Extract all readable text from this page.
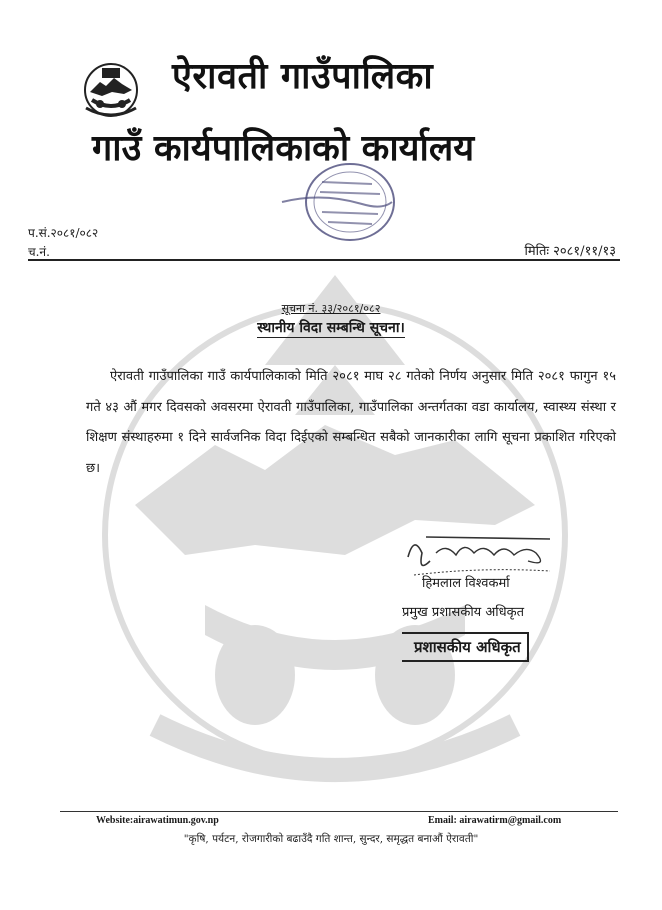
ऐरावती गाउँपालिका
गाउँ कार्यपालिकाको कार्यालय
प.सं.२०८१/०८२
च.नं.	मितिः २०८१/११/१३
सूचना नं. ३३/२०८१/०८२
स्थानीय विदा सम्बन्धि सूचना।
ऐरावती गाउँपालिका गाउँ कार्यपालिकाको मिति २०८१ माघ २८ गतेको निर्णय अनुसार मिति २०८१ फागुन १५ गते ४३ औं मगर दिवसको अवसरमा ऐरावती गाउँपालिका, गाउँपालिका अन्तर्गतका वडा कार्यालय, स्वास्थ्य संस्था र शिक्षण संस्थाहरुमा १ दिने सार्वजनिक विदा दिईएको सम्बन्धित सबैको जानकारीका लागि सूचना प्रकाशित गरिएको छ।
हिमलाल विश्वकर्मा
प्रमुख प्रशासकीय अधिकृत
प्रशासकीय अधिकृत
Website:airawatimun.gov.np	Email: airawatirm@gmail.com
"कृषि, पर्यटन, रोजगारीको बढाउँदै गति शान्त, सुन्दर, समृद्धत बनाऔं ऐरावती"
